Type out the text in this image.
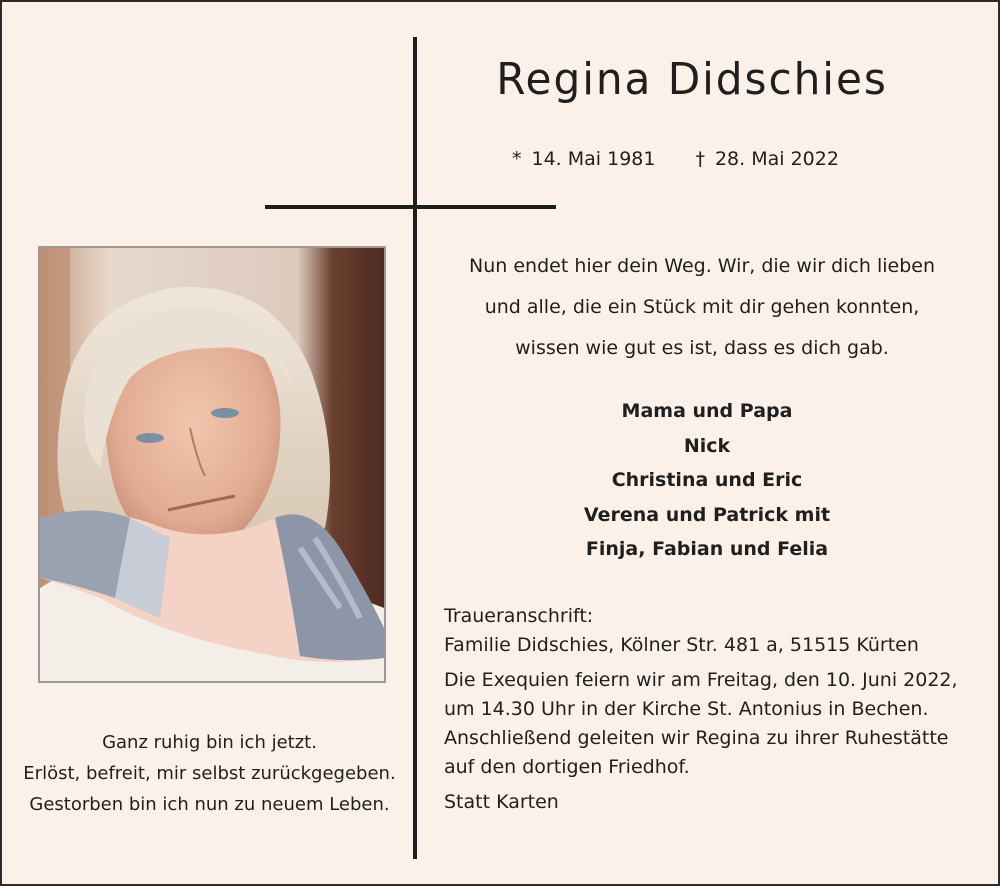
Regina Didschies
* 14. Mai 1981 † 28. Mai 2022
Nun endet hier dein Weg. Wir, die wir dich lieben
und alle, die ein Stück mit dir gehen konnten,
wissen wie gut es ist, dass es dich gab.
Mama und Papa
Nick
Christina und Eric
Verena und Patrick mit
Finja, Fabian und Felia

Traueranschrift:

Familie Didschies, Kölner Str. 481 a, 51515 Kürten

Die Exequien feiern wir am Freitag, den 10. Juni 2022,

um 14.30 Uhr in der Kirche St. Antonius in Bechen.

Anschließend geleiten wir Regina zu ihrer Ruhestätte

auf den dortigen Friedhof.

Statt Karten

Ganz ruhig bin ich jetzt.
Erlöst, befreit, mir selbst zurückgegeben.
Gestorben bin ich nun zu neuem Leben.
